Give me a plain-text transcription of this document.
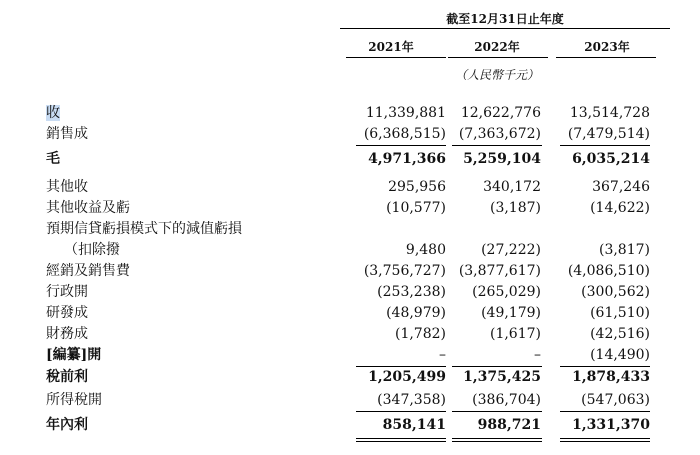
截至12月31日止年度
2021年	2022年	2023年
（人民幣千元）
收	11,339,881	12,622,776	13,514,728
銷售成	(6,368,515) (7,363,672)	(7,479,514)
毛	4,971,366	5,259,104	6,035,214
其他收	295,956	340,172	367,246
其他收益及虧	(10,577)	(3,187)	(14,622)
預期信貸虧損模式下的減值虧損
（扣除撥	9,480	(27,222)	(3,817)
經銷及銷售費	(3,756,727) (3,877,617)	(4,086,510)
行政開	(253,238)	(265,029)	(300,562)
研發成	(48,979)	(49,179)	(61,510)
財務成	(1,782)	(1,617)	(42,516)
[編纂]開	–	–	(14,490)
稅前利	1,205,499	1,375,425	1,878,433
所得稅開	(347,358)	(386,704)	(547,063)
年內利	858,141	988,721	1,331,370
